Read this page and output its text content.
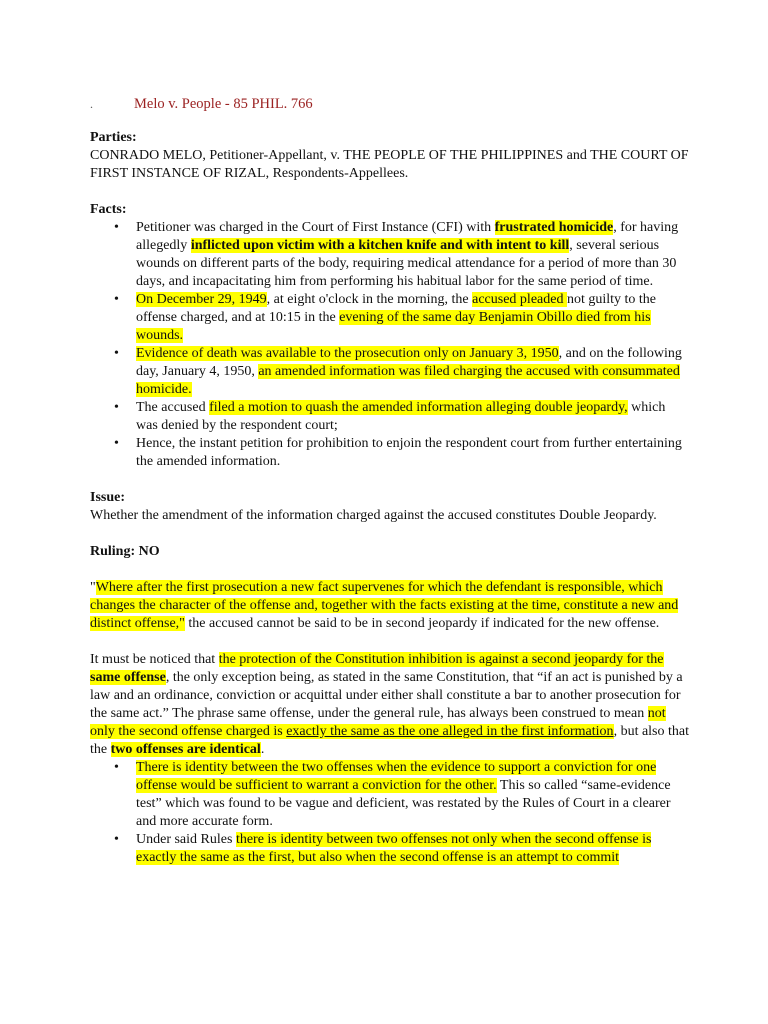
.	Melo v. People - 85 PHIL. 766

Parties:

CONRADO MELO, Petitioner-Appellant, v. THE PEOPLE OF THE PHILIPPINES and THE COURT OF FIRST INSTANCE OF RIZAL, Respondents-Appellees.

Facts:

• Petitioner was charged in the Court of First Instance (CFI) with frustrated homicide, for having allegedly inflicted upon victim with a kitchen knife and with intent to kill, several serious wounds on different parts of the body, requiring medical attendance for a period of more than 30 days, and incapacitating him from performing his habitual labor for the same period of time.
• On December 29, 1949, at eight o'clock in the morning, the accused pleaded not guilty to the offense charged, and at 10:15 in the evening of the same day Benjamin Obillo died from his wounds.
• Evidence of death was available to the prosecution only on January 3, 1950, and on the following day, January 4, 1950, an amended information was filed charging the accused with consummated homicide.
• The accused filed a motion to quash the amended information alleging double jeopardy, which was denied by the respondent court;
• Hence, the instant petition for prohibition to enjoin the respondent court from further entertaining the amended information.

Issue:

Whether the amendment of the information charged against the accused constitutes Double Jeopardy.

Ruling: NO

"Where after the first prosecution a new fact supervenes for which the defendant is responsible, which changes the character of the offense and, together with the facts existing at the time, constitute a new and distinct offense," the accused cannot be said to be in second jeopardy if indicated for the new offense.

It must be noticed that the protection of the Constitution inhibition is against a second jeopardy for the same offense, the only exception being, as stated in the same Constitution, that “if an act is punished by a law and an ordinance, conviction or acquittal under either shall constitute a bar to another prosecution for the same act.” The phrase same offense, under the general rule, has always been construed to mean not only the second offense charged is exactly the same as the one alleged in the first information, but also that the two offenses are identical.

• There is identity between the two offenses when the evidence to support a conviction for one offense would be sufficient to warrant a conviction for the other. This so called “same-evidence test” which was found to be vague and deficient, was restated by the Rules of Court in a clearer and more accurate form.
• Under said Rules there is identity between two offenses not only when the second offense is exactly the same as the first, but also when the second offense is an attempt to commit
